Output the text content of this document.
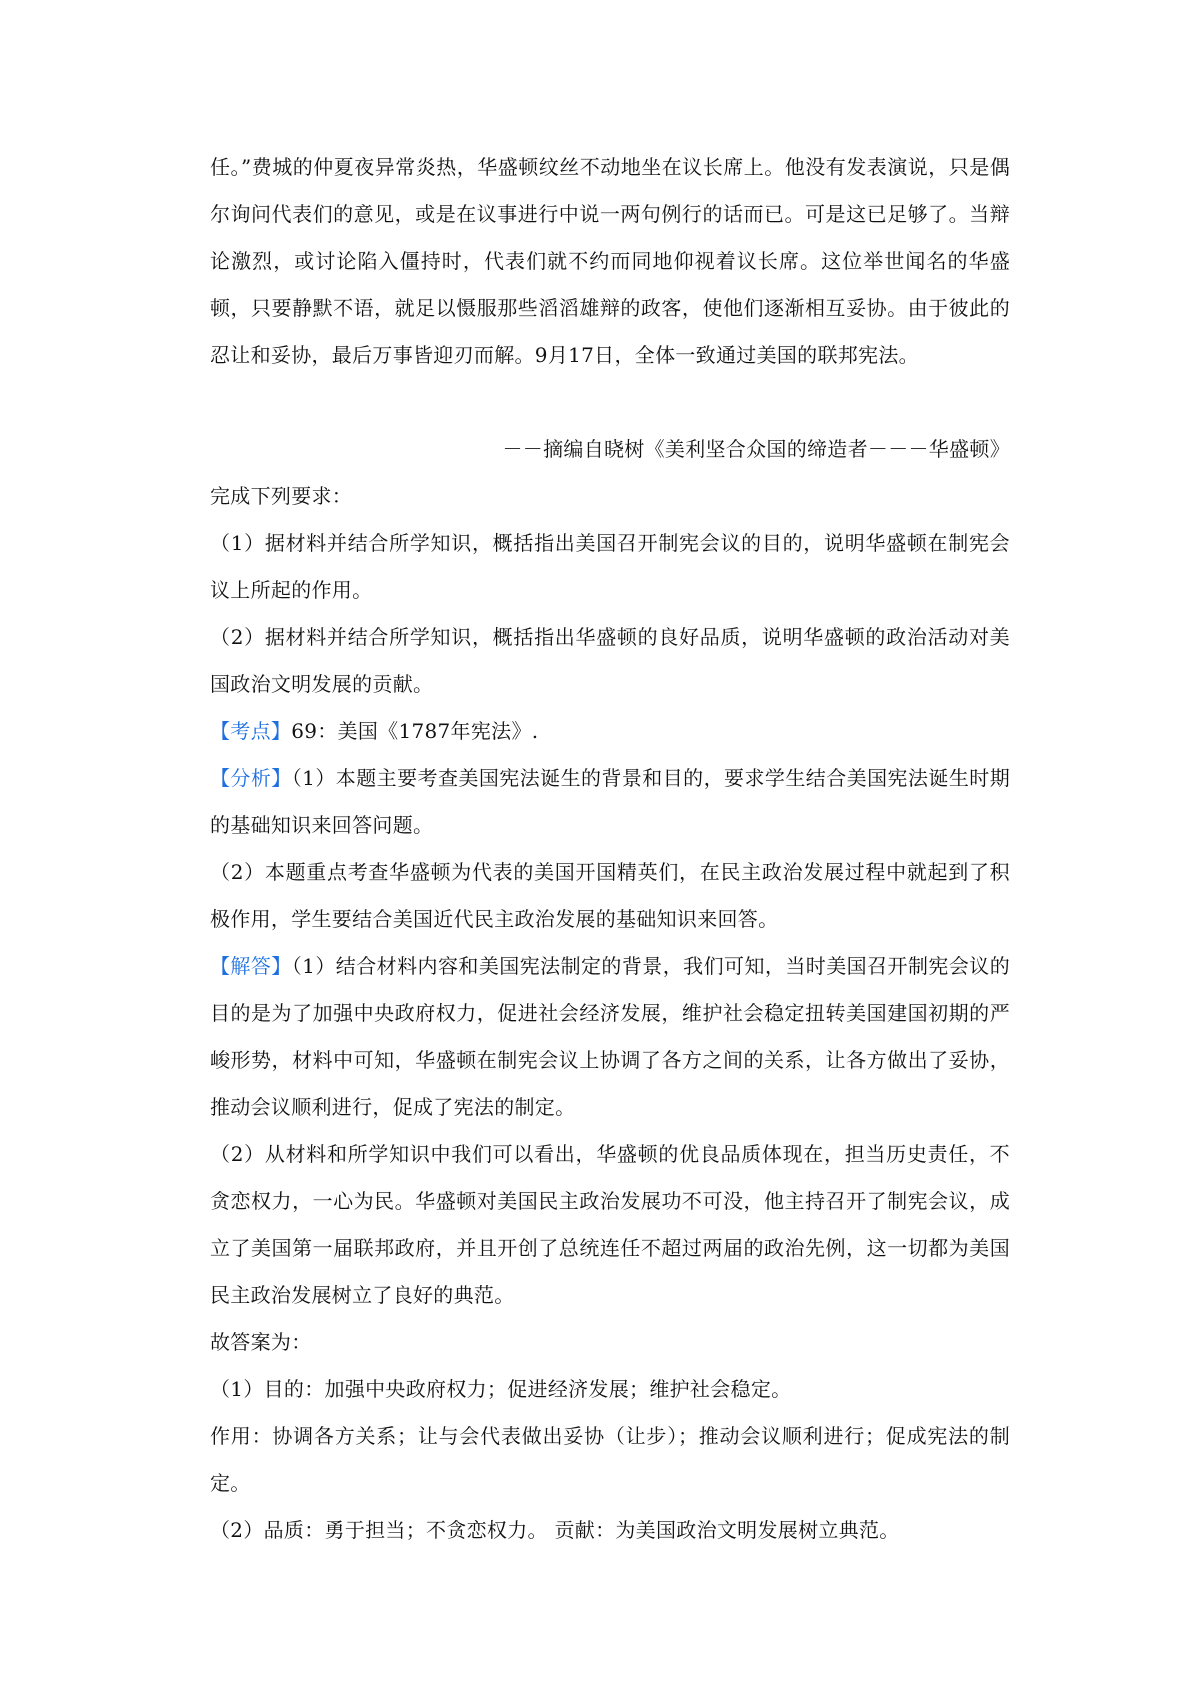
任。”费城的仲夏夜异常炎热，华盛顿纹丝不动地坐在议长席上。他没有发表演说，只是偶尔询问代表们的意见，或是在议事进行中说一两句例行的话而已。可是这已足够了。当辩论激烈，或讨论陷入僵持时，代表们就不约而同地仰视着议长席。这位举世闻名的华盛顿，只要静默不语，就足以慑服那些滔滔雄辩的政客，使他们逐渐相互妥协。由于彼此的忍让和妥协，最后万事皆迎刃而解。9月17日，全体一致通过美国的联邦宪法。
－－摘编自晓树《美利坚合众国的缔造者－－－华盛顿》
完成下列要求：
（1）据材料并结合所学知识，概括指出美国召开制宪会议的目的，说明华盛顿在制宪会议上所起的作用。
（2）据材料并结合所学知识，概括指出华盛顿的良好品质，说明华盛顿的政治活动对美国政治文明发展的贡献。
【考点】69：美国《1787年宪法》.
【分析】（1）本题主要考查美国宪法诞生的背景和目的，要求学生结合美国宪法诞生时期的基础知识来回答问题。
（2）本题重点考查华盛顿为代表的美国开国精英们，在民主政治发展过程中就起到了积极作用，学生要结合美国近代民主政治发展的基础知识来回答。
【解答】（1）结合材料内容和美国宪法制定的背景，我们可知，当时美国召开制宪会议的目的是为了加强中央政府权力，促进社会经济发展，维护社会稳定扭转美国建国初期的严峻形势，材料中可知，华盛顿在制宪会议上协调了各方之间的关系，让各方做出了妥协，推动会议顺利进行，促成了宪法的制定。
（2）从材料和所学知识中我们可以看出，华盛顿的优良品质体现在，担当历史责任，不贪恋权力，一心为民。华盛顿对美国民主政治发展功不可没，他主持召开了制宪会议，成立了美国第一届联邦政府，并且开创了总统连任不超过两届的政治先例，这一切都为美国民主政治发展树立了良好的典范。
故答案为：
（1）目的：加强中央政府权力；促进经济发展；维护社会稳定。
作用：协调各方关系；让与会代表做出妥协（让步）；推动会议顺利进行；促成宪法的制定。
（2）品质：勇于担当；不贪恋权力。 贡献：为美国政治文明发展树立典范。
